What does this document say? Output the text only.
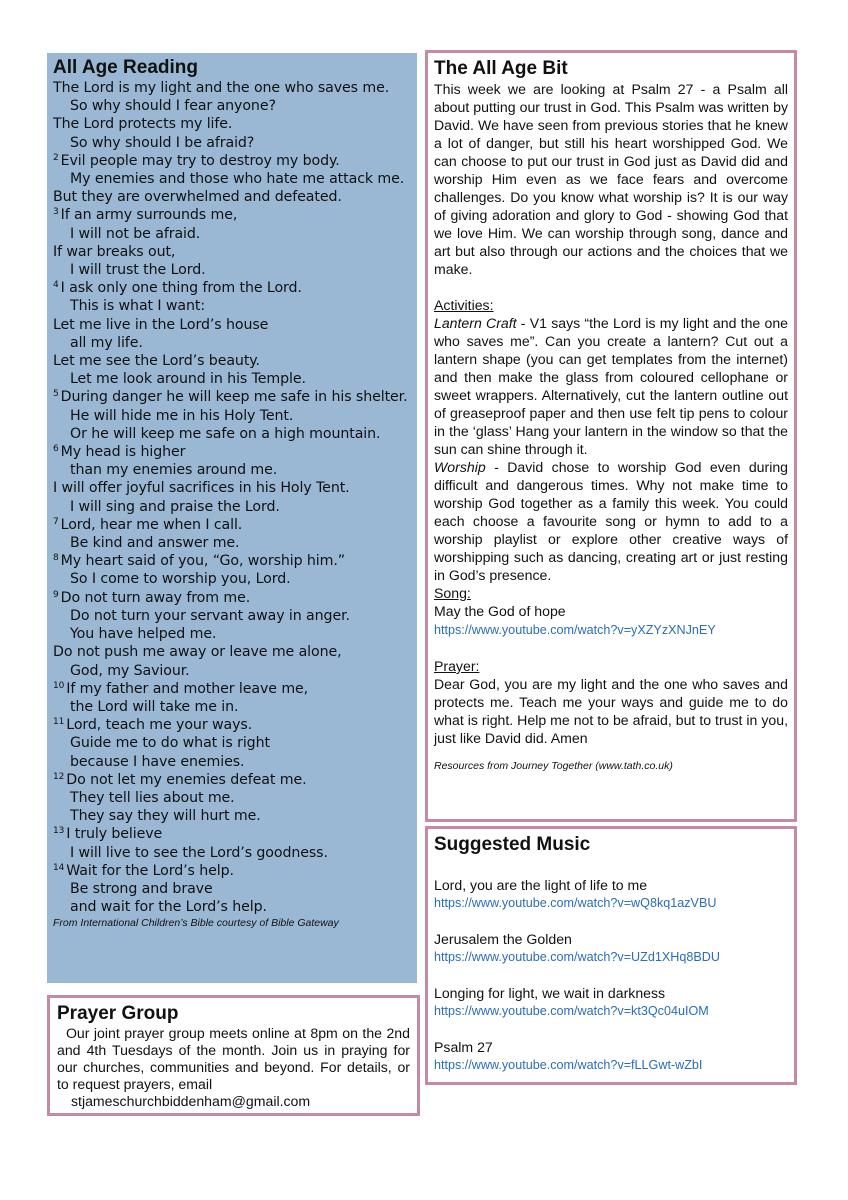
All Age Reading
The Lord is my light and the one who saves me.
So why should I fear anyone?
The Lord protects my life.
So why should I be afraid?
$^2$ Evil people may try to destroy my body.
My enemies and those who hate me attack me.
But they are overwhelmed and defeated.
$^3$ If an army surrounds me,
I will not be afraid.
If war breaks out,
I will trust the Lord.
$^4$ I ask only one thing from the Lord.
This is what I want:
Let me live in the Lord’s house
all my life.
Let me see the Lord’s beauty.
Let me look around in his Temple.
$^5$ During danger he will keep me safe in his shelter.
He will hide me in his Holy Tent.
Or he will keep me safe on a high mountain.
$^6$ My head is higher
than my enemies around me.
I will offer joyful sacrifices in his Holy Tent.
I will sing and praise the Lord.
$^7$ Lord, hear me when I call.
Be kind and answer me.
$^8$ My heart said of you, “Go, worship him.”
So I come to worship you, Lord.
$^9$ Do not turn away from me.
Do not turn your servant away in anger.
You have helped me.
Do not push me away or leave me alone,
God, my Saviour.
$^{10}$ If my father and mother leave me,
the Lord will take me in.
$^{11}$ Lord, teach me your ways.
Guide me to do what is right
because I have enemies.
$^{12}$ Do not let my enemies defeat me.
They tell lies about me.
They say they will hurt me.
$^{13}$ I truly believe
I will live to see the Lord’s goodness.
$^{14}$ Wait for the Lord’s help.
Be strong and brave
and wait for the Lord’s help.
From International Children’s Bible courtesy of Bible Gateway
The All Age Bit

This week we are looking at Psalm 27 - a Psalm all about putting our trust in God. This Psalm was written by David. We have seen from previous stories that he knew a lot of danger, but still his heart worshipped God. We can choose to put our trust in God just as David did and worship Him even as we face fears and overcome challenges. Do you know what worship is? It is our way of giving adoration and glory to God - showing God that we love Him. We can worship through song, dance and art but also through our actions and the choices that we make.

Activities:

Lantern Craft - V1 says “the Lord is my light and the one who saves me”. Can you create a lantern? Cut out a lantern shape (you can get templates from the internet) and then make the glass from coloured cellophane or sweet wrappers. Alternatively, cut the lantern outline out of greaseproof paper and then use felt tip pens to colour in the ‘glass’ Hang your lantern in the window so that the sun can shine through it.

Worship - David chose to worship God even during difficult and dangerous times. Why not make time to worship God together as a family this week. You could each choose a favourite song or hymn to add to a worship playlist or explore other creative ways of worshipping such as dancing, creating art or just resting in God’s presence.

Song:

May the God of hope

https://www.youtube.com/watch?v=yXZYzXNJnEY

Prayer:

Dear God, you are my light and the one who saves and protects me. Teach me your ways and guide me to do what is right. Help me not to be afraid, but to trust in you, just like David did. Amen

Resources from Journey Together (www.tath.co.uk)
Suggested Music
Lord, you are the light of life to me
https://www.youtube.com/watch?v=wQ8kq1azVBU
Jerusalem the Golden
https://www.youtube.com/watch?v=UZd1XHq8BDU
Longing for light, we wait in darkness
https://www.youtube.com/watch?v=kt3Qc04uIOM
Psalm 27
https://www.youtube.com/watch?v=fLLGwt-wZbI
Prayer Group
Our joint prayer group meets online at 8pm on the 2nd and 4th Tuesdays of the month. Join us in praying for our churches, communities and beyond. For details, or to request prayers, email
stjameschurchbiddenham@gmail.com
